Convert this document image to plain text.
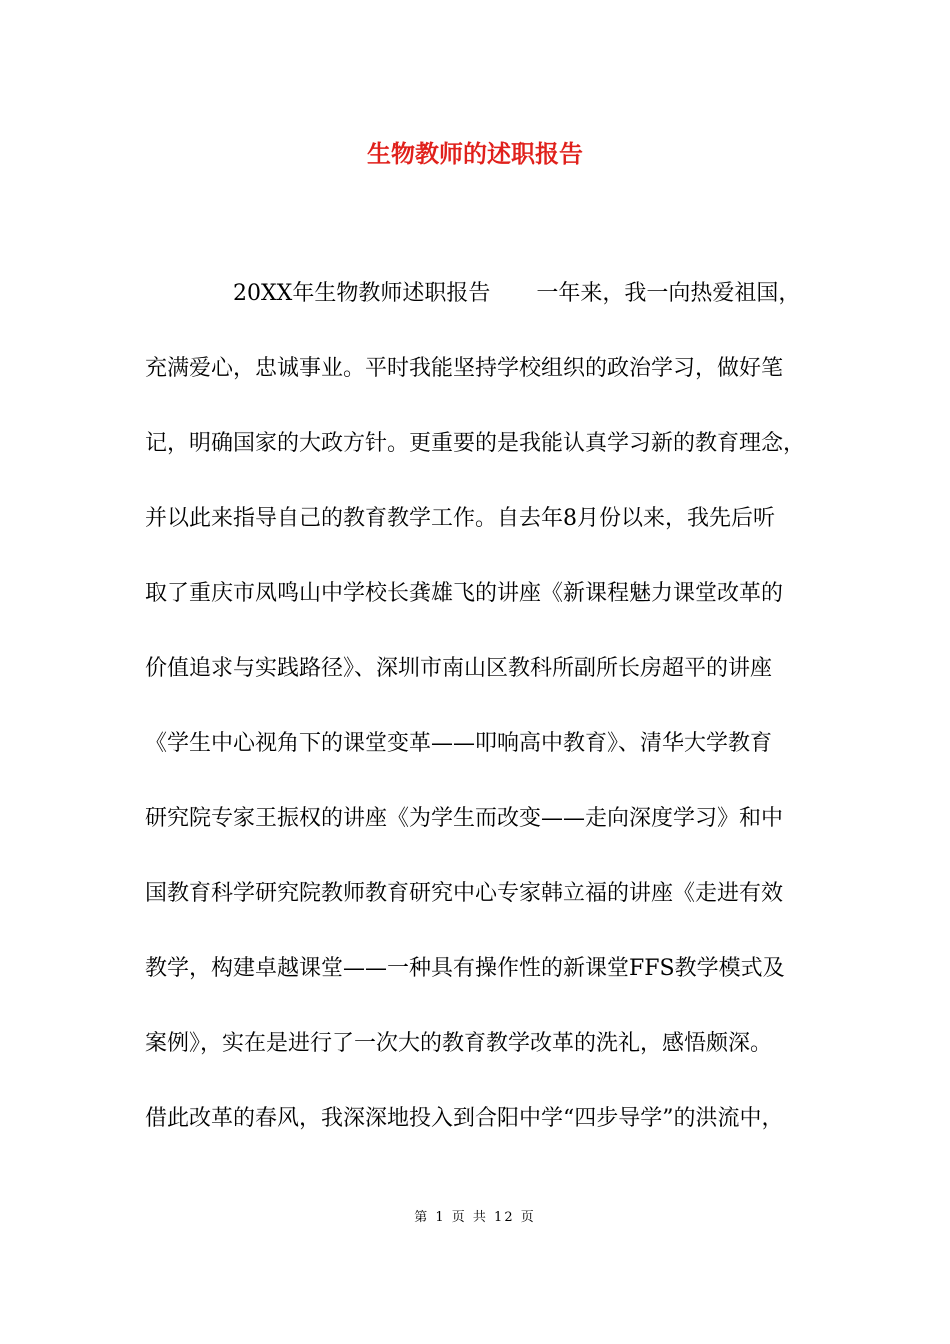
生物教师的述职报告
20XX年生物教师述职报告 一年来，我一向热爱祖国，
充满爱心，忠诚事业。平时我能坚持学校组织的政治学习，做好笔
记，明确国家的大政方针。更重要的是我能认真学习新的教育理念，
并以此来指导自己的教育教学工作。自去年8月份以来，我先后听
取了重庆市凤鸣山中学校长龚雄飞的讲座《新课程魅力课堂改革的
价值追求与实践路径》、深圳市南山区教科所副所长房超平的讲座
《学生中心视角下的课堂变革——叩响高中教育》、清华大学教育
研究院专家王振权的讲座《为学生而改变——走向深度学习》和中
国教育科学研究院教师教育研究中心专家韩立福的讲座《走进有效
教学，构建卓越课堂——一种具有操作性的新课堂FFS教学模式及
案例》，实在是进行了一次大的教育教学改革的洗礼，感悟颇深。
借此改革的春风，我深深地投入到合阳中学“四步导学”的洪流中，
第 1 页 共 12 页
